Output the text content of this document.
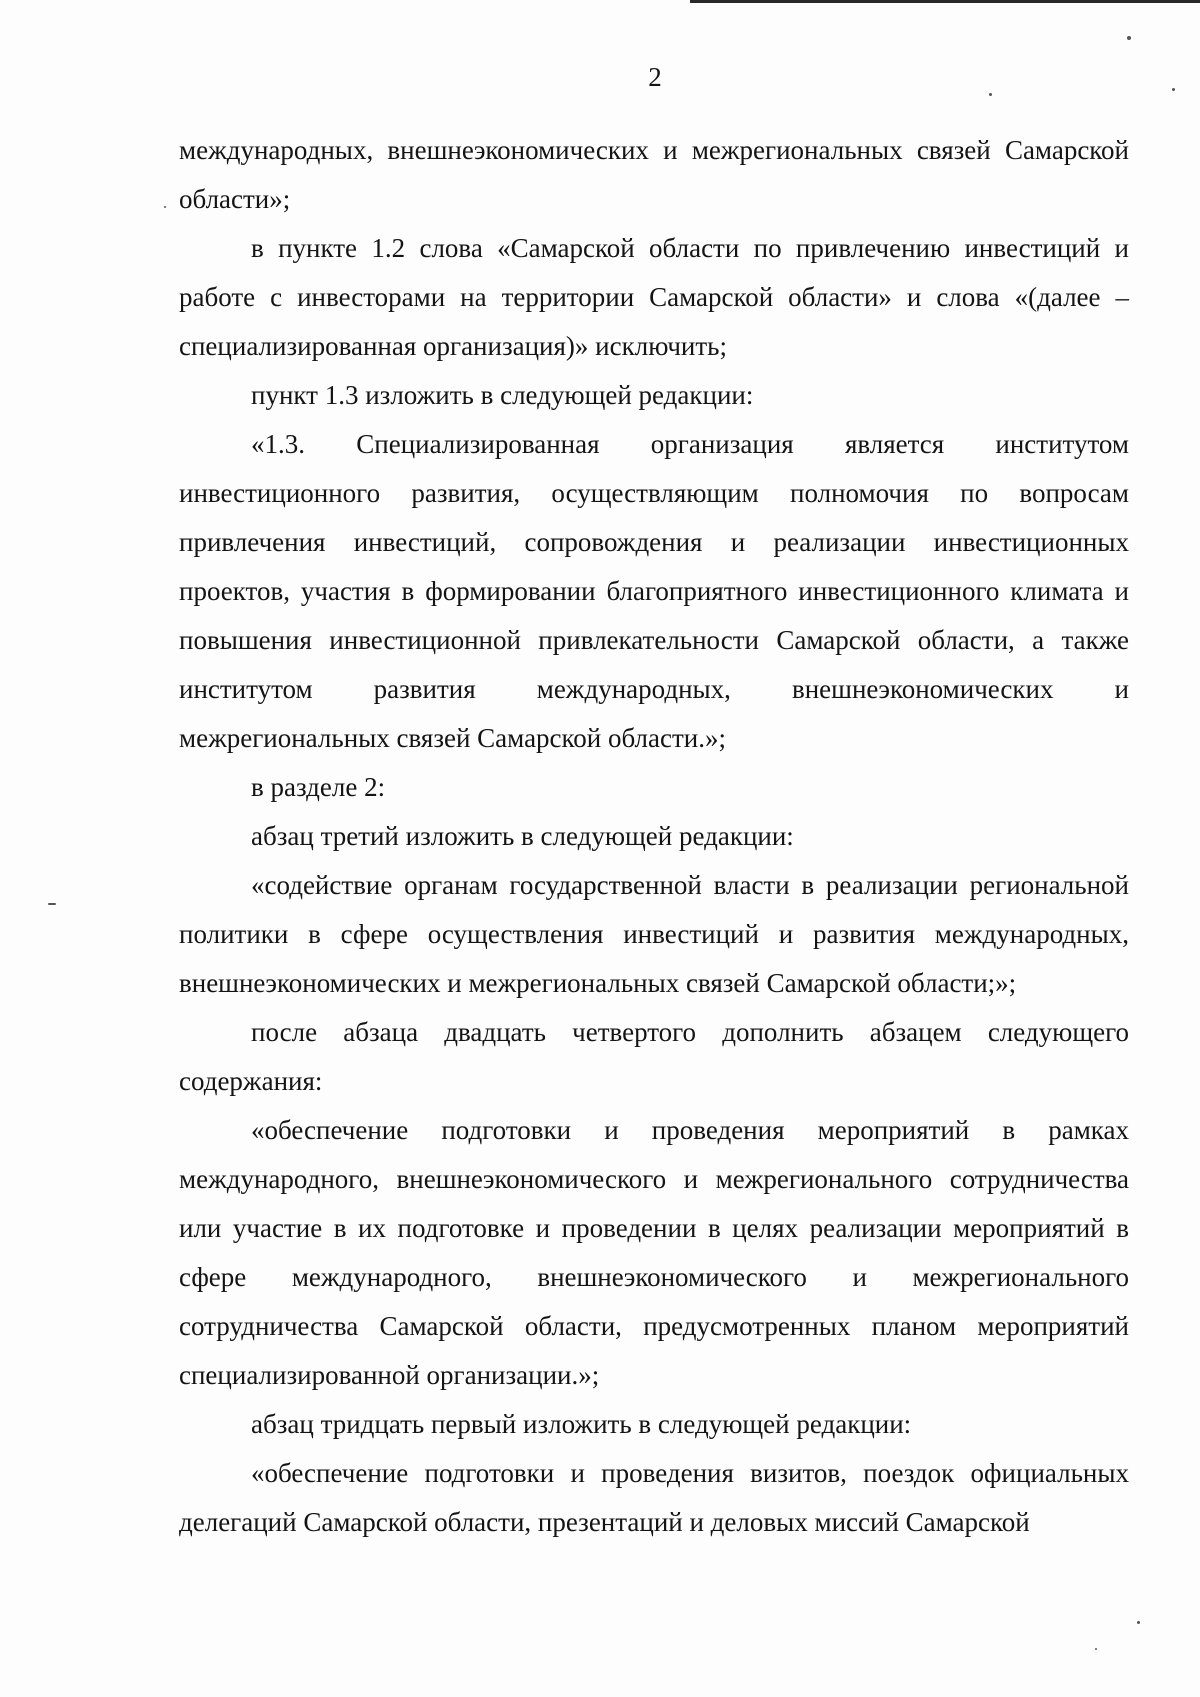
2

международных, внешнеэкономических и межрегиональных связей Самарской области»;

в пункте 1.2 слова «Самарской области по привлечению инвестиций и работе с инвесторами на территории Самарской области» и слова «(далее – специализированная организация)» исключить;

пункт 1.3 изложить в следующей редакции:

«1.3. Специализированная организация является институтом инвестиционного развития, осуществляющим полномочия по вопросам привлечения инвестиций, сопровождения и реализации инвестиционных проектов, участия в формировании благоприятного инвестиционного климата и повышения инвестиционной привлекательности Самарской области, а также институтом развития международных, внешнеэкономических и межрегиональных связей Самарской области.»;

в разделе 2:

абзац третий изложить в следующей редакции:

«содействие органам государственной власти в реализации региональной политики в сфере осуществления инвестиций и развития международных, внешнеэкономических и межрегиональных связей Самарской области;»;

после абзаца двадцать четвертого дополнить абзацем следующего содержания:

«обеспечение подготовки и проведения мероприятий в рамках международного, внешнеэкономического и межрегионального сотрудничества или участие в их подготовке и проведении в целях реализации мероприятий в сфере международного, внешнеэкономического и межрегионального сотрудничества Самарской области, предусмотренных планом мероприятий специализированной организации.»;

абзац тридцать первый изложить в следующей редакции:

«обеспечение подготовки и проведения визитов, поездок официальных делегаций Самарской области, презентаций и деловых миссий Самарской
